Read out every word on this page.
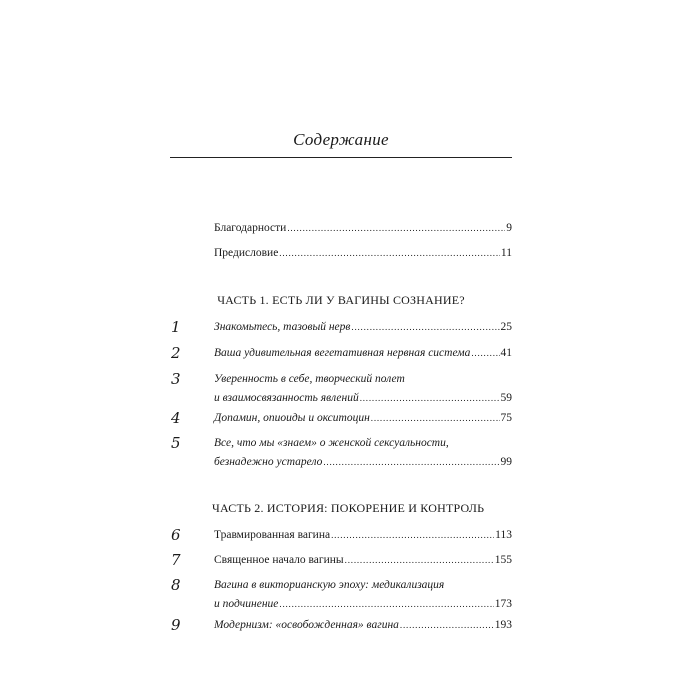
Содержание
Благодарности .....	9
Предисловие .....	11
ЧАСТЬ 1. ЕСТЬ ЛИ У ВАГИНЫ СОЗНАНИЕ?
1	Знакомьтесь, тазовый нерв .....	25
2	Ваша удивительная вегетативная нервная система .....	41
3	Уверенность в себе, творческий полет
и взаимосвязанность явлений .....	59
4	Допамин, опиоиды и окситоцин .....	75
5	Все, что мы «знаем» о женской сексуальности,
безнадежно устарело .....	99
ЧАСТЬ 2. ИСТОРИЯ: ПОКОРЕНИЕ И КОНТРОЛЬ
6	Травмированная вагина .....	113
7	Священное начало вагины .....	155
8	Вагина в викторианскую эпоху: медикализация
и подчинение .....	173
9	Модернизм: «освобожденная» вагина .....	193
